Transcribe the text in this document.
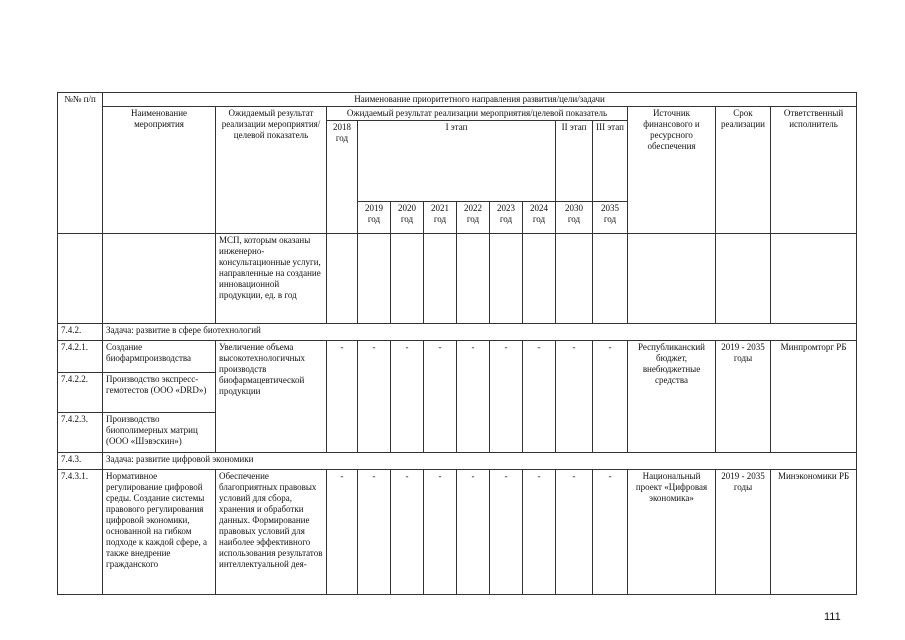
№№ п/п	Наименование приоритетного направления развития/цели/задачи													
	Наименование мероприятия	Ожидаемый результат реализации мероприятия/целевой показатель	Ожидаемый результат реализации мероприятия/целевой показатель									Источник финансового и ресурсного обеспечения	Срок реализации	Ответственный исполнитель
			2018 год	I этап						II этап	III этап			
				2019 год	2020 год	2021 год	2022 год	2023 год	2024 год	2030 год	2035 год			
		МСП, которым оказаны инженерно-консультационные услуги, направленные на создание инновационной продукции, ед. в год												
7.4.2.	Задача: развитие в сфере биотехнологий													
7.4.2.1.	Создание биофармпроизводства	Увеличение объема высокотехнологичных производств биофармацевтической продукции	-	-	-	-	-	-	-	-	-	Республиканский бюджет, внебюджетные средства	2019 - 2035 годы	Минпромторг РБ
7.4.2.2.	Производство экспресс-гемотестов (ООО «DRD»)													
7.4.2.3.	Производство биополимерных матриц (ООО «Шэвэскин»)													
7.4.3.	Задача: развитие цифровой экономики													
7.4.3.1.	Нормативное регулирование цифровой среды. Создание системы правового регулирования цифровой экономики, основанной на гибком подходе к каждой сфере, а также внедрение гражданского	Обеспечение благоприятных правовых условий для сбора, хранения и обработки данных. Формирование правовых условий для наиболее эффективного использования результатов интеллектуальной дея-	-	-	-	-	-	-	-	-	-	Национальный проект «Цифровая экономика»	2019 - 2035 годы	Минэкономики РБ
111
